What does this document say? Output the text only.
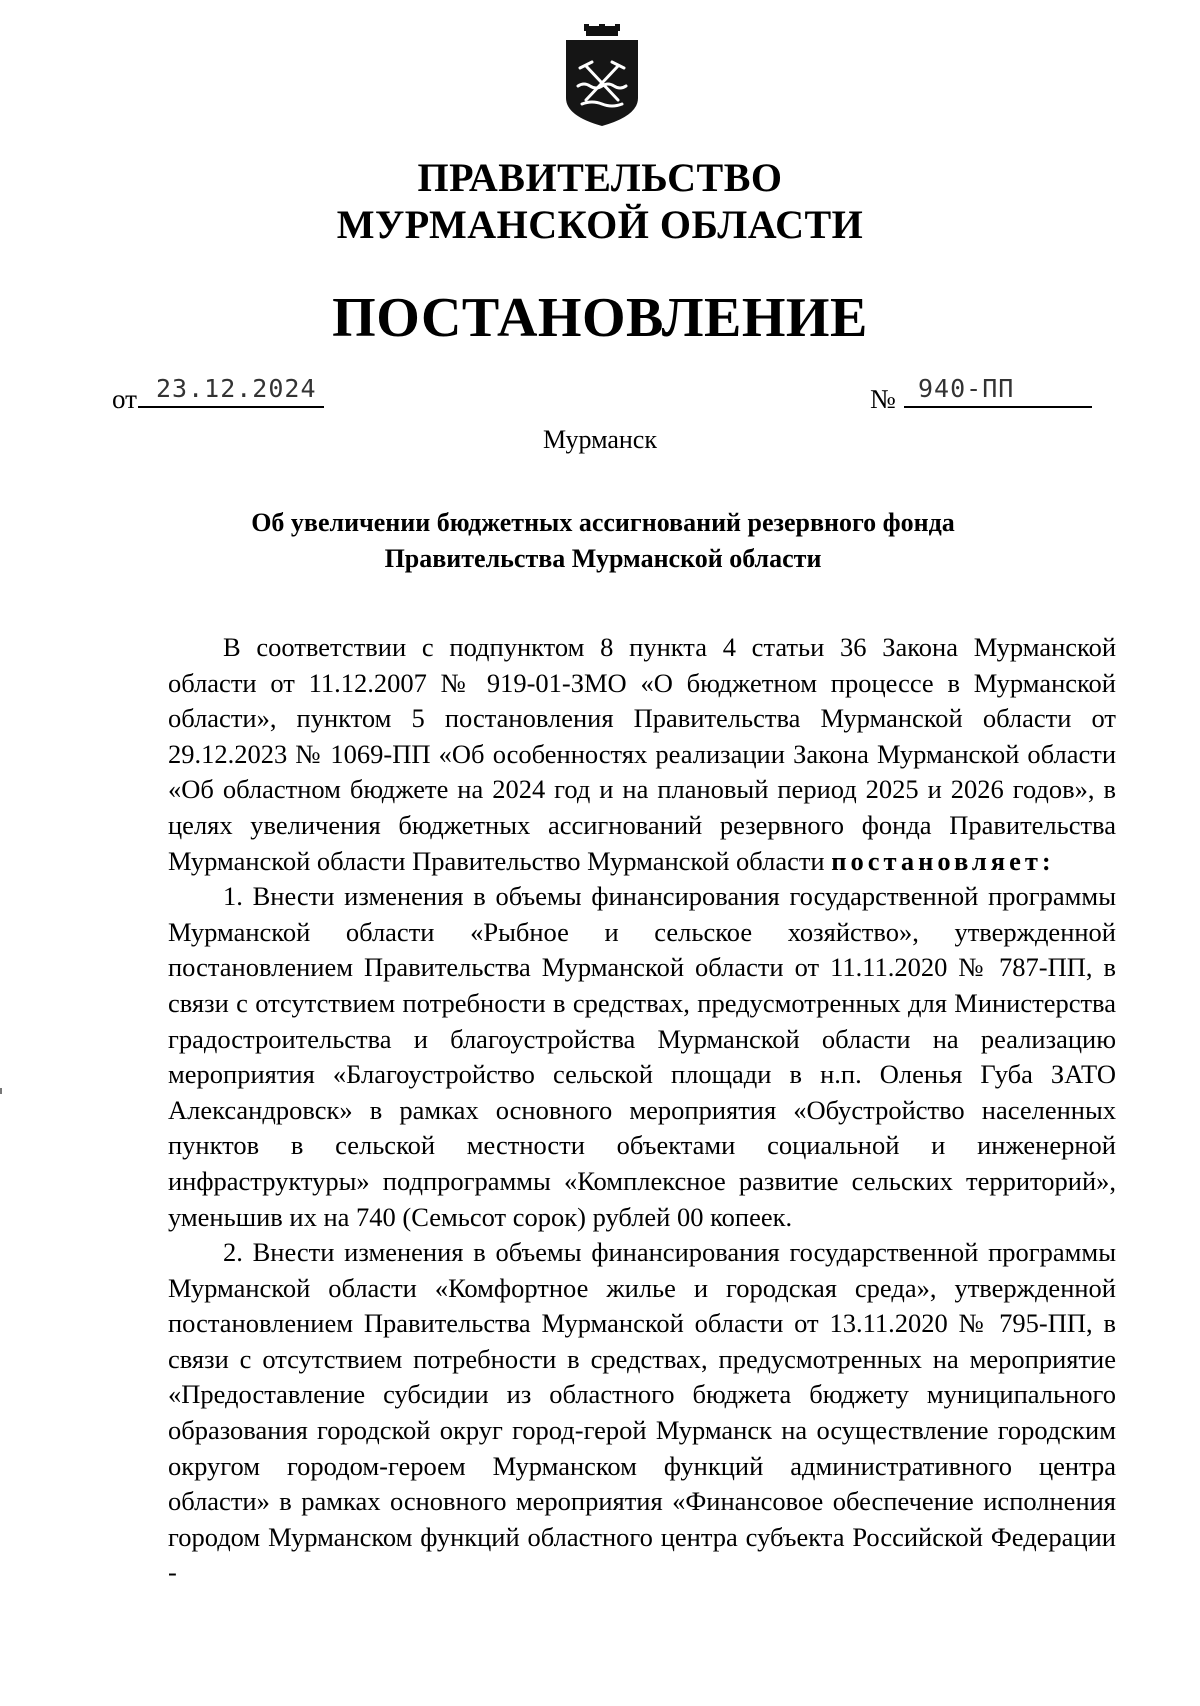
ПРАВИТЕЛЬСТВО
МУРМАНСКОЙ ОБЛАСТИ
ПОСТАНОВЛЕНИЕ
от 23.12.2024	№ 940-ПП
Мурманск
Об увеличении бюджетных ассигнований резервного фонда
Правительства Мурманской области

В соответствии с подпунктом 8 пункта 4 статьи 36 Закона Мурманской области от 11.12.2007 № 919-01-ЗМО «О бюджетном процессе в Мурманской области», пунктом 5 постановления Правительства Мурманской области от 29.12.2023 № 1069-ПП «Об особенностях реализации Закона Мурманской области «Об областном бюджете на 2024 год и на плановый период 2025 и 2026 годов», в целях увеличения бюджетных ассигнований резервного фонда Правительства Мурманской области Правительство Мурманской области постановляет:

1. Внести изменения в объемы финансирования государственной программы Мурманской области «Рыбное и сельское хозяйство», утвержденной постановлением Правительства Мурманской области от 11.11.2020 № 787-ПП, в связи с отсутствием потребности в средствах, предусмотренных для Министерства градостроительства и благоустройства Мурманской области на реализацию мероприятия «Благоустройство сельской площади в н.п. Оленья Губа ЗАТО Александровск» в рамках основного мероприятия «Обустройство населенных пунктов в сельской местности объектами социальной и инженерной инфраструктуры» подпрограммы «Комплексное развитие сельских территорий», уменьшив их на 740 (Семьсот сорок) рублей 00 копеек.

2. Внести изменения в объемы финансирования государственной программы Мурманской области «Комфортное жилье и городская среда», утвержденной постановлением Правительства Мурманской области от 13.11.2020 № 795-ПП, в связи с отсутствием потребности в средствах, предусмотренных на мероприятие «Предоставление субсидии из областного бюджета бюджету муниципального образования городской округ город-герой Мурманск на осуществление городским округом городом-героем Мурманском функций административного центра области» в рамках основного мероприятия «Финансовое обеспечение исполнения городом Мурманском функций областного центра субъекта Российской Федерации -
